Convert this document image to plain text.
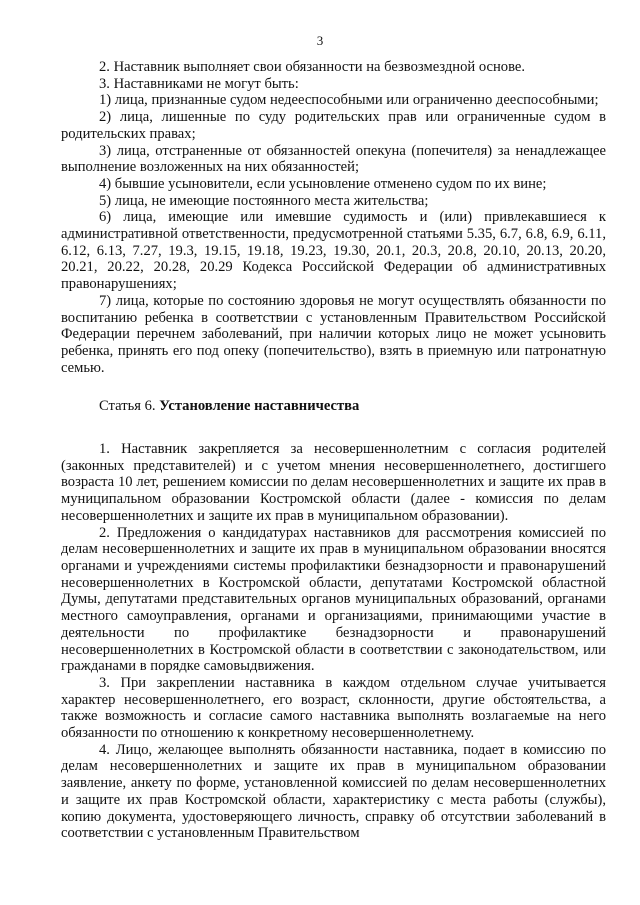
3

2. Наставник выполняет свои обязанности на безвозмездной основе.

3. Наставниками не могут быть:

1) лица, признанные судом недееспособными или ограниченно дееспособными;

2) лица, лишенные по суду родительских прав или ограниченные судом в родительских правах;

3) лица, отстраненные от обязанностей опекуна (попечителя) за ненадлежащее выполнение возложенных на них обязанностей;

4) бывшие усыновители, если усыновление отменено судом по их вине;

5) лица, не имеющие постоянного места жительства;

6) лица, имеющие или имевшие судимость и (или) привлекавшиеся к административной ответственности, предусмотренной статьями 5.35, 6.7, 6.8, 6.9, 6.11, 6.12, 6.13, 7.27, 19.3, 19.15, 19.18, 19.23, 19.30, 20.1, 20.3, 20.8, 20.10, 20.13, 20.20, 20.21, 20.22, 20.28, 20.29 Кодекса Российской Федерации об административных правонарушениях;

7) лица, которые по состоянию здоровья не могут осуществлять обязанности по воспитанию ребенка в соответствии с установленным Правительством Российской Федерации перечнем заболеваний, при наличии которых лицо не может усыновить ребенка, принять его под опеку (попечительство), взять в приемную или патронатную семью.

Статья 6. Установление наставничества

1. Наставник закрепляется за несовершеннолетним с согласия родителей (законных представителей) и с учетом мнения несовершеннолетнего, достигшего возраста 10 лет, решением комиссии по делам несовершеннолетних и защите их прав в муниципальном образовании Костромской области (далее - комиссия по делам несовершеннолетних и защите их прав в муниципальном образовании).

2. Предложения о кандидатурах наставников для рассмотрения комиссией по делам несовершеннолетних и защите их прав в муниципальном образовании вносятся органами и учреждениями системы профилактики безнадзорности и правонарушений несовершеннолетних в Костромской области, депутатами Костромской областной Думы, депутатами представительных органов муниципальных образований, органами местного самоуправления, органами и организациями, принимающими участие в деятельности по профилактике безнадзорности и правонарушений несовершеннолетних в Костромской области в соответствии с законодательством, или гражданами в порядке самовыдвижения.

3. При закреплении наставника в каждом отдельном случае учитывается характер несовершеннолетнего, его возраст, склонности, другие обстоятельства, а также возможность и согласие самого наставника выполнять возлагаемые на него обязанности по отношению к конкретному несовершеннолетнему.

4. Лицо, желающее выполнять обязанности наставника, подает в комиссию по делам несовершеннолетних и защите их прав в муниципальном образовании заявление, анкету по форме, установленной комиссией по делам несовершеннолетних и защите их прав Костромской области, характеристику с места работы (службы), копию документа, удостоверяющего личность, справку об отсутствии заболеваний в соответствии с установленным Правительством
